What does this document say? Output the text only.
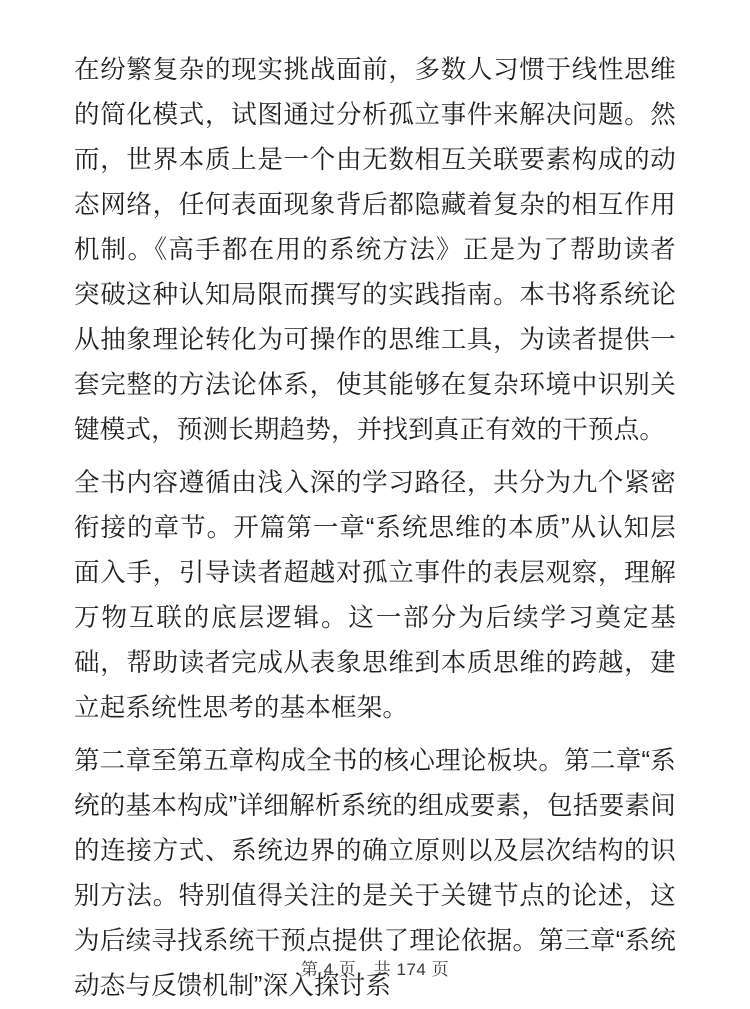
在纷繁复杂的现实挑战面前，多数人习惯于线性思维的简化模式，试图通过分析孤立事件来解决问题。然而，世界本质上是一个由无数相互关联要素构成的动态网络，任何表面现象背后都隐藏着复杂的相互作用机制。《高手都在用的系统方法》正是为了帮助读者突破这种认知局限而撰写的实践指南。本书将系统论从抽象理论转化为可操作的思维工具，为读者提供一套完整的方法论体系，使其能够在复杂环境中识别关键模式，预测长期趋势，并找到真正有效的干预点。

全书内容遵循由浅入深的学习路径，共分为九个紧密衔接的章节。开篇第一章“系统思维的本质”从认知层面入手，引导读者超越对孤立事件的表层观察，理解万物互联的底层逻辑。这一部分为后续学习奠定基础，帮助读者完成从表象思维到本质思维的跨越，建立起系统性思考的基本框架。

第二章至第五章构成全书的核心理论板块。第二章“系统的基本构成”详细解析系统的组成要素，包括要素间的连接方式、系统边界的确立原则以及层次结构的识别方法。特别值得关注的是关于关键节点的论述，这为后续寻找系统干预点提供了理论依据。第三章“系统动态与反馈机制”深入探讨系

第 4 页，共 174 页
